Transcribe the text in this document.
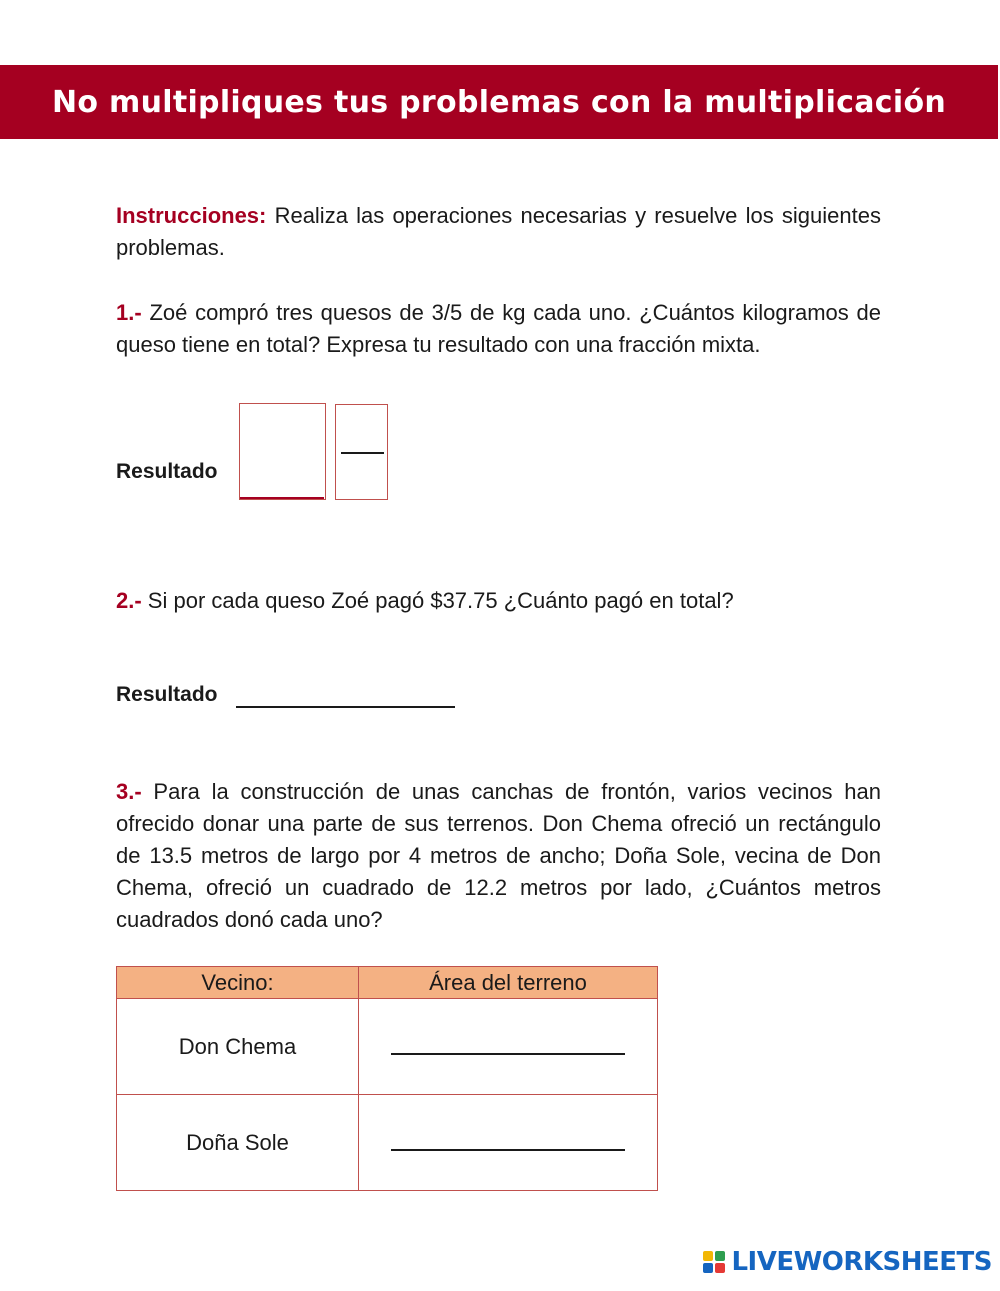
No multipliques tus problemas con la multiplicación

Instrucciones: Realiza las operaciones necesarias y resuelve los siguientes problemas.

1.- Zoé compró tres quesos de 3/5 de kg cada uno. ¿Cuántos kilogramos de queso tiene en total? Expresa tu resultado con una fracción mixta.

Resultado

2.- Si por cada queso Zoé pagó $37.75 ¿Cuánto pagó en total?

Resultado

3.- Para la construcción de unas canchas de frontón, varios vecinos han ofrecido donar una parte de sus terrenos. Don Chema ofreció un rectángulo de 13.5 metros de largo por 4 metros de ancho; Doña Sole, vecina de Don Chema, ofreció un cuadrado de 12.2 metros por lado, ¿Cuántos metros cuadrados donó cada uno?

Vecino:	Área del terreno
Don Chema	
Doña Sole	
LIVEWORKSHEETS
